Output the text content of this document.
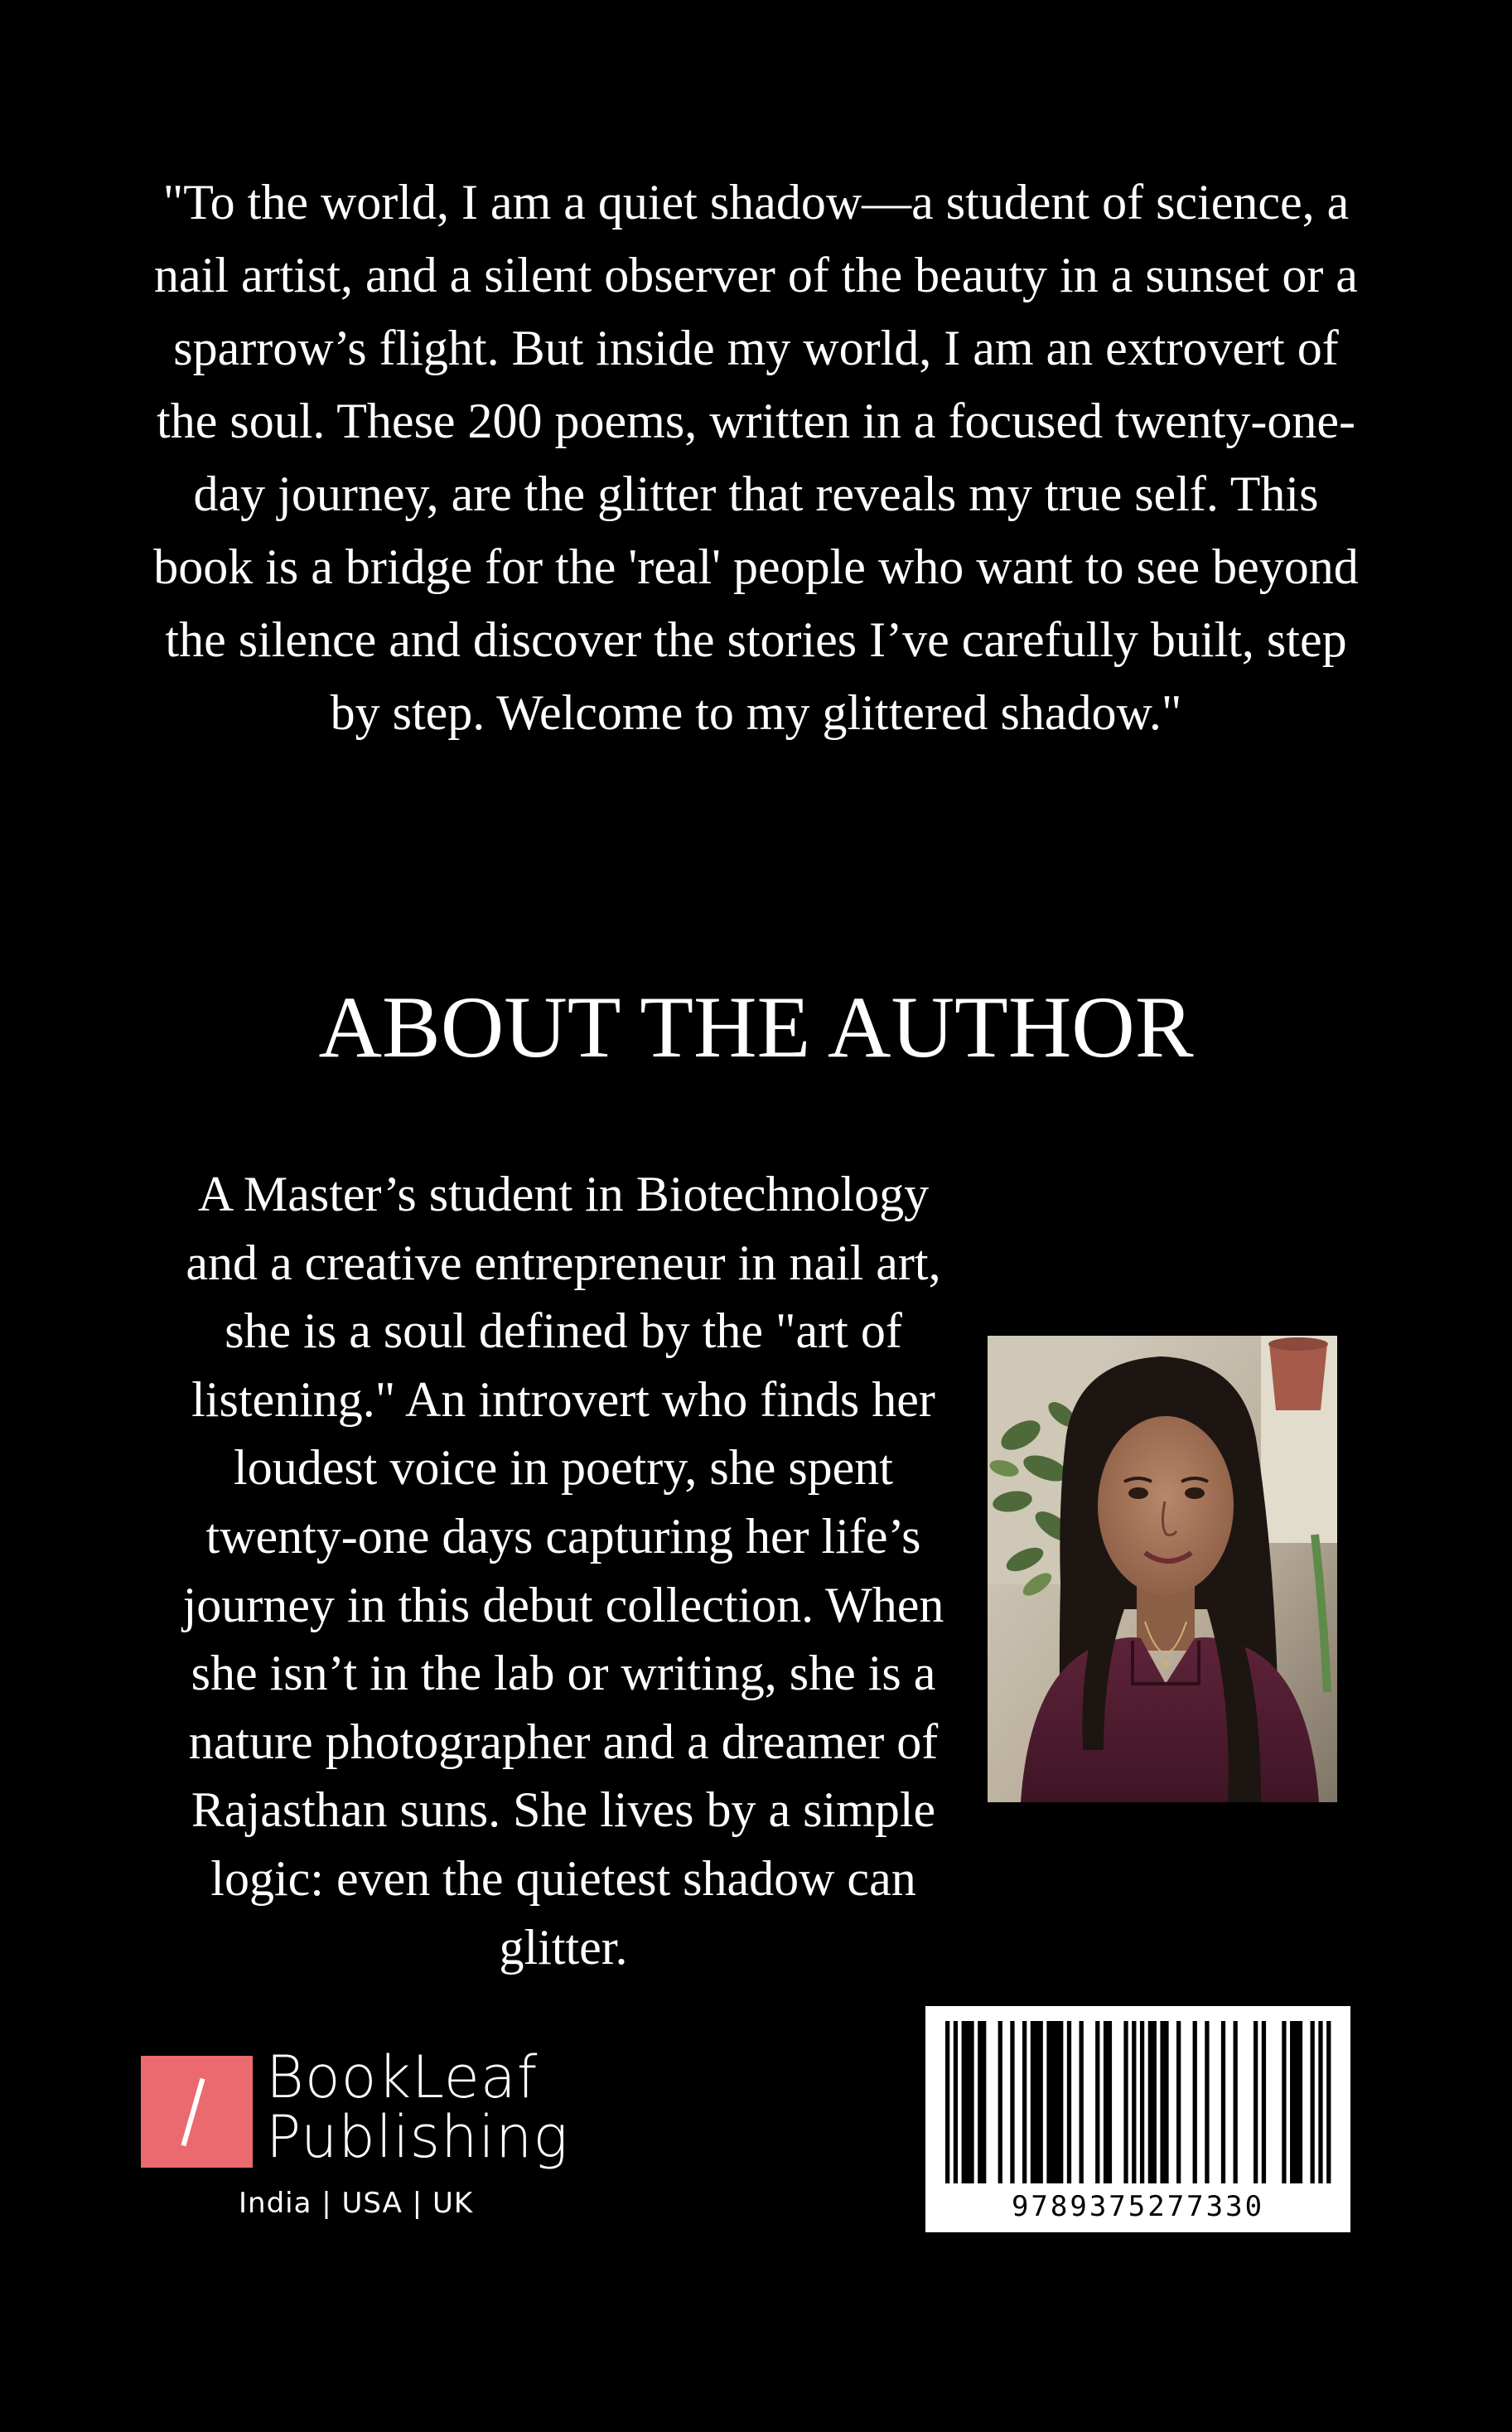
"To the world, I am a quiet shadow—a student of science, a nail artist, and a silent observer of the beauty in a sunset or a sparrow’s flight. But inside my world, I am an extrovert of the soul. These 200 poems, written in a focused twenty-one-day journey, are the glitter that reveals my true self. This book is a bridge for the 'real' people who want to see beyond the silence and discover the stories I’ve carefully built, step by step. Welcome to my glittered shadow."

ABOUT THE AUTHOR

A Master’s student in Biotechnology and a creative entrepreneur in nail art, she is a soul defined by the "art of listening." An introvert who finds her loudest voice in poetry, she spent twenty-one days capturing her life’s journey in this debut collection. When she isn’t in the lab or writing, she is a nature photographer and a dreamer of Rajasthan suns. She lives by a simple logic: even the quietest shadow can glitter.

BookLeaf
Publishing
India | USA | UK	9789375277330
